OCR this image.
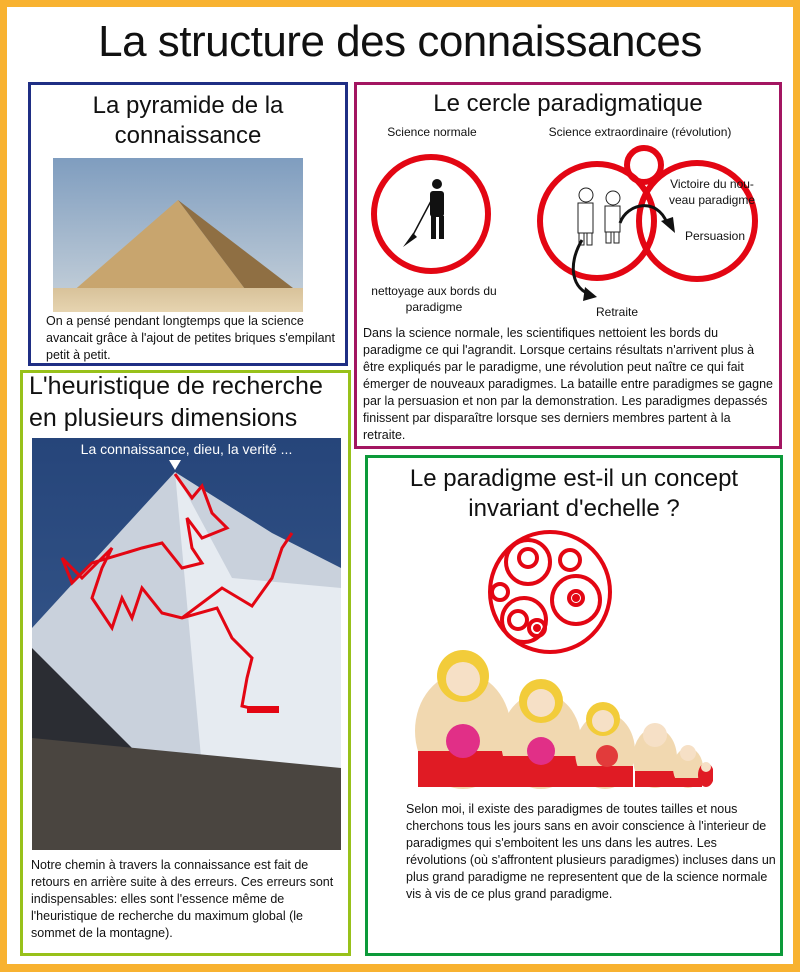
La structure des connaissances
La pyramide de la
connaissance
On a pensé pendant longtemps que la science avancait grâce à l'ajout de petites briques s'empilant petit à petit.
Le cercle paradigmatique
Science normale	Science extraordinaire (révolution)
nettoyage aux bords du
paradigme
Victoire du nou-
veau paradigme
Persuasion
Retraite
Dans la science normale, les scientifiques nettoient les bords du paradigme ce qui l'agrandit. Lorsque certains résultats n'arrivent plus à être expliqués par le paradigme, une révolution peut naître ce qui fait émerger de nouveaux paradigmes. La bataille entre paradigmes se gagne par la persuasion et non par la demonstration. Les paradigmes depassés finissent par disparaître lorsque ses derniers membres partent à la retraite.
L'heuristique de recherche
en plusieurs dimensions
La connaissance, dieu, la verité ...
Notre chemin à travers la connaissance est fait de retours en arrière suite à des erreurs. Ces erreurs sont indispensables: elles sont l'essence même de l'heuristique de recherche du maximum global (le sommet de la montagne).
Le paradigme est-il un concept
invariant d'echelle ?
Selon moi, il existe des paradigmes de toutes tailles et nous cherchons tous les jours sans en avoir conscience à l'interieur de paradigmes qui s'emboitent les uns dans les autres. Les révolutions (où s'affrontent plusieurs paradigmes) incluses dans un plus grand paradigme ne representent que de la science normale vis à vis de ce plus grand paradigme.
